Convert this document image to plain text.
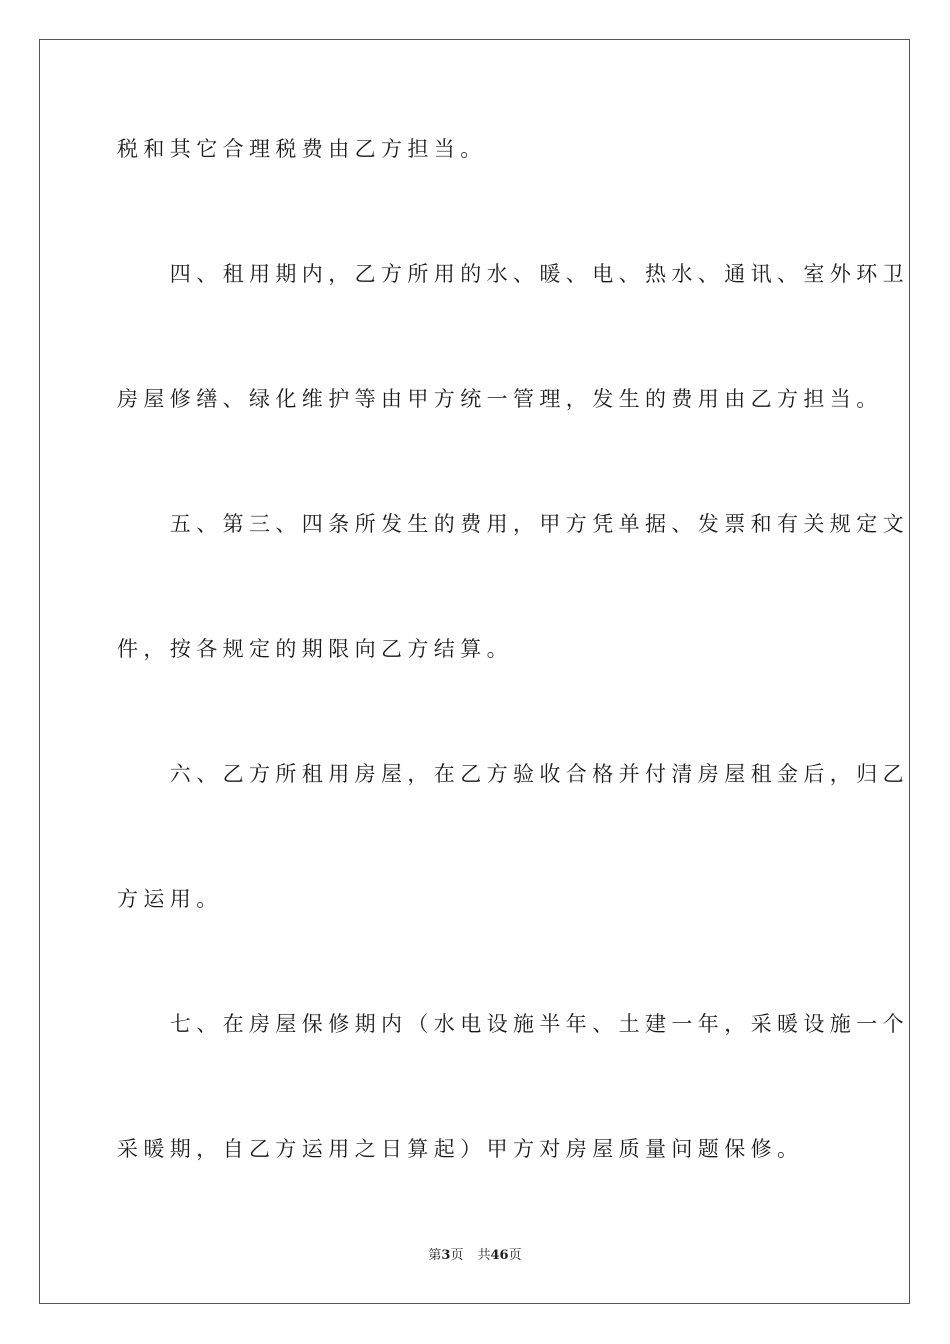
税和其它合理税费由乙方担当。
　　四、租用期内，乙方所用的水、暖、电、热水、通讯、室外环卫
房屋修缮、绿化维护等由甲方统一管理，发生的费用由乙方担当。
　　五、第三、四条所发生的费用，甲方凭单据、发票和有关规定文
件，按各规定的期限向乙方结算。
　　六、乙方所租用房屋，在乙方验收合格并付清房屋租金后，归乙
方运用。
　　七、在房屋保修期内（水电设施半年、土建一年，采暖设施一个
采暖期，自乙方运用之日算起）甲方对房屋质量问题保修。
第3页 共46页
